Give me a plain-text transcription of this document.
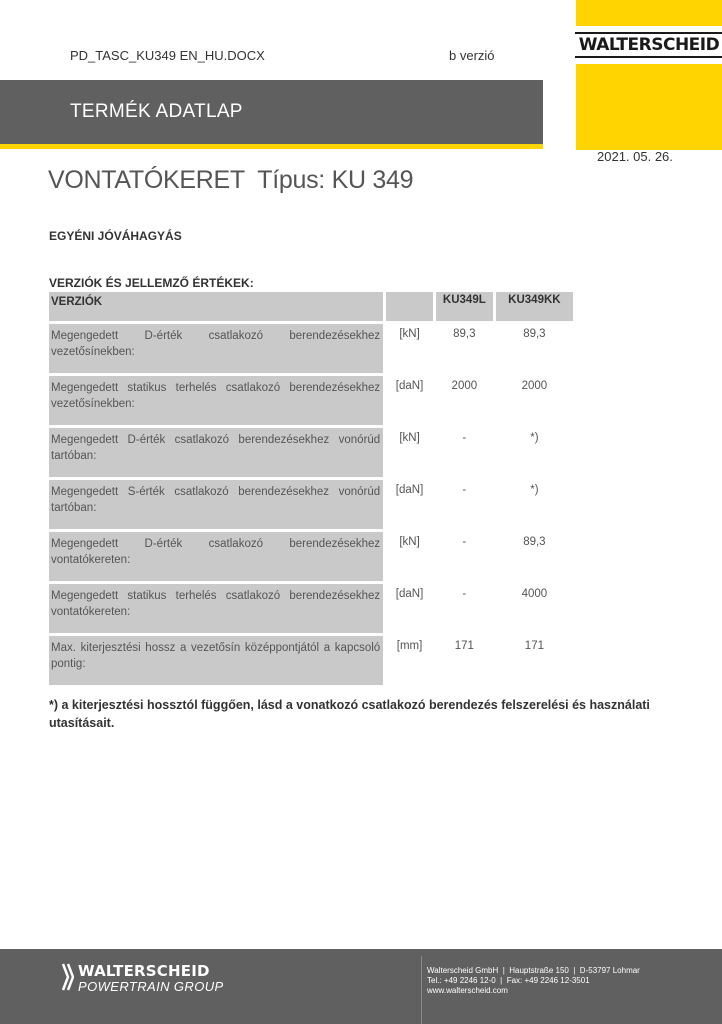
PD_TASC_KU349 EN_HU.DOCX	b verzió
WALTERSCHEID
TERMÉK ADATLAP
2021. 05. 26.
VONTATÓKERET  Típus: KU 349
EGYÉNI JÓVÁHAGYÁS
VERZIÓK ÉS JELLEMZŐ ÉRTÉKEK:
VERZIÓK		KU349L	KU349KK
Megengedett D-érték csatlakozó berendezésekhez vezetősínekben:	[kN]	89,3	89,3
Megengedett statikus terhelés csatlakozó berendezésekhez vezetősínekben:	[daN]	2000	2000
Megengedett D-érték csatlakozó berendezésekhez vonórúd tartóban:	[kN]	-	*)
Megengedett S-érték csatlakozó berendezésekhez vonórúd tartóban:	[daN]	-	*)
Megengedett D-érték csatlakozó berendezésekhez vontatókereten:	[kN]	-	89,3
Megengedett statikus terhelés csatlakozó berendezésekhez vontatókereten:	[daN]	-	4000
Max. kiterjesztési hossz a vezetősín középpontjától a kapcsoló pontig:	[mm]	171	171
*) a kiterjesztési hossztól függően, lásd a vonatkozó csatlakozó berendezés felszerelési és használati utasításait.
WALTERSCHEID
POWERTRAIN GROUP
Walterscheid GmbH  |  Hauptstraße 150  |  D-53797 Lohmar
Tel.: +49 2246 12-0  |  Fax: +49 2246 12-3501
www.walterscheid.com
